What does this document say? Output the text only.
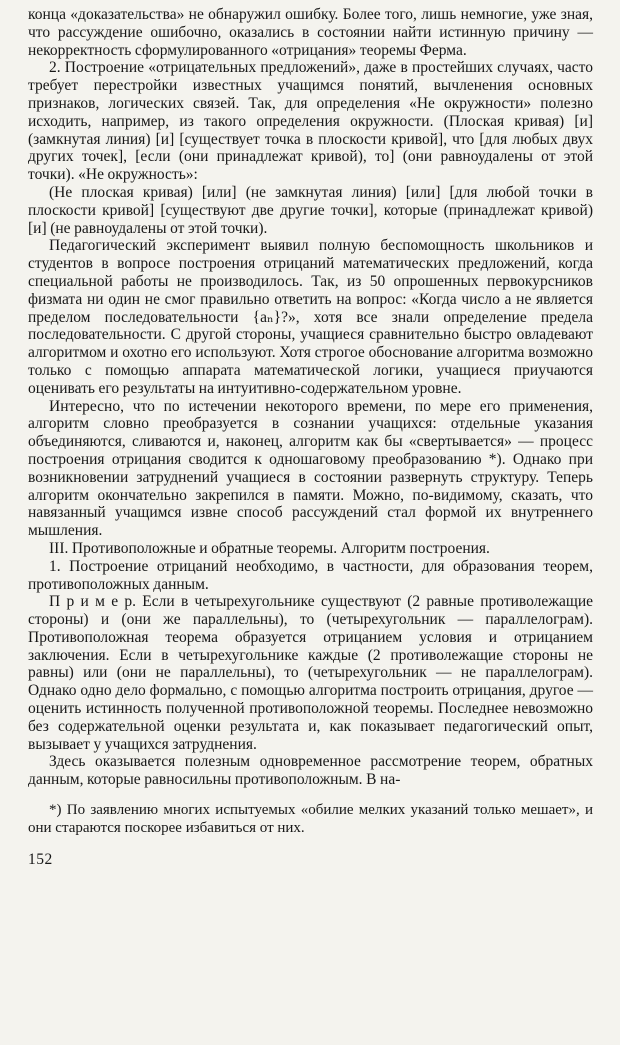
конца «доказательства» не обнаружил ошибку. Более того, лишь немногие, уже зная, что рассуждение ошибочно, оказались в состоянии найти истинную причину — некорректность сформулированного «отрицания» теоремы Ферма.

2. Построение «отрицательных предложений», даже в простейших случаях, часто требует перестройки известных учащимся понятий, вычленения основных признаков, логических связей. Так, для определения «Не окружности» полезно исходить, например, из такого определения окружности. (Плоская кривая) [и] (замкнутая линия) [и] [существует точка в плоскости кривой], что [для любых двух других точек], [если (они принадлежат кривой), то] (они равноудалены от этой точки). «Не окружность»:

(Не плоская кривая) [или] (не замкнутая линия) [или] [для любой точки в плоскости кривой] [существуют две другие точки], которые (принадлежат кривой) [и] (не равноудалены от этой точки).

Педагогический эксперимент выявил полную беспомощность школьников и студентов в вопросе построения отрицаний математических предложений, когда специальной работы не производилось. Так, из 50 опрошенных первокурсников физмата ни один не смог правильно ответить на вопрос: «Когда число a не является пределом последовательности {aₙ}?», хотя все знали определение предела последовательности. С другой стороны, учащиеся сравнительно быстро овладевают алгоритмом и охотно его используют. Хотя строгое обоснование алгоритма возможно только с помощью аппарата математической логики, учащиеся приучаются оценивать его результаты на интуитивно-содержательном уровне.

Интересно, что по истечении некоторого времени, по мере его применения, алгоритм словно преобразуется в сознании учащихся: отдельные указания объединяются, сливаются и, наконец, алгоритм как бы «свертывается» — процесс построения отрицания сводится к одношаговому преобразованию *). Однако при возникновении затруднений учащиеся в состоянии развернуть структуру. Теперь алгоритм окончательно закрепился в памяти. Можно, по-видимому, сказать, что навязанный учащимся извне способ рассуждений стал формой их внутреннего мышления.

III. Противоположные и обратные теоремы. Алгоритм построения.

1. Построение отрицаний необходимо, в частности, для образования теорем, противоположных данным.

П р и м е р. Если в четырехугольнике существуют (2 равные противолежащие стороны) и (они же параллельны), то (четырехугольник — параллелограм). Противоположная теорема образуется отрицанием условия и отрицанием заключения. Если в четырехугольнике каждые (2 противолежащие стороны не равны) или (они не параллельны), то (четырехугольник — не параллелограм). Однако одно дело формально, с помощью алгоритма построить отрицания, другое — оценить истинность полученной противоположной теоремы. Последнее невозможно без содержательной оценки результата и, как показывает педагогический опыт, вызывает у учащихся затруднения.

Здесь оказывается полезным одновременное рассмотрение теорем, обратных данным, которые равносильны противоположным. В на-

*) По заявлению многих испытуемых «обилие мелких указаний только мешает», и они стараются поскорее избавиться от них.

152
